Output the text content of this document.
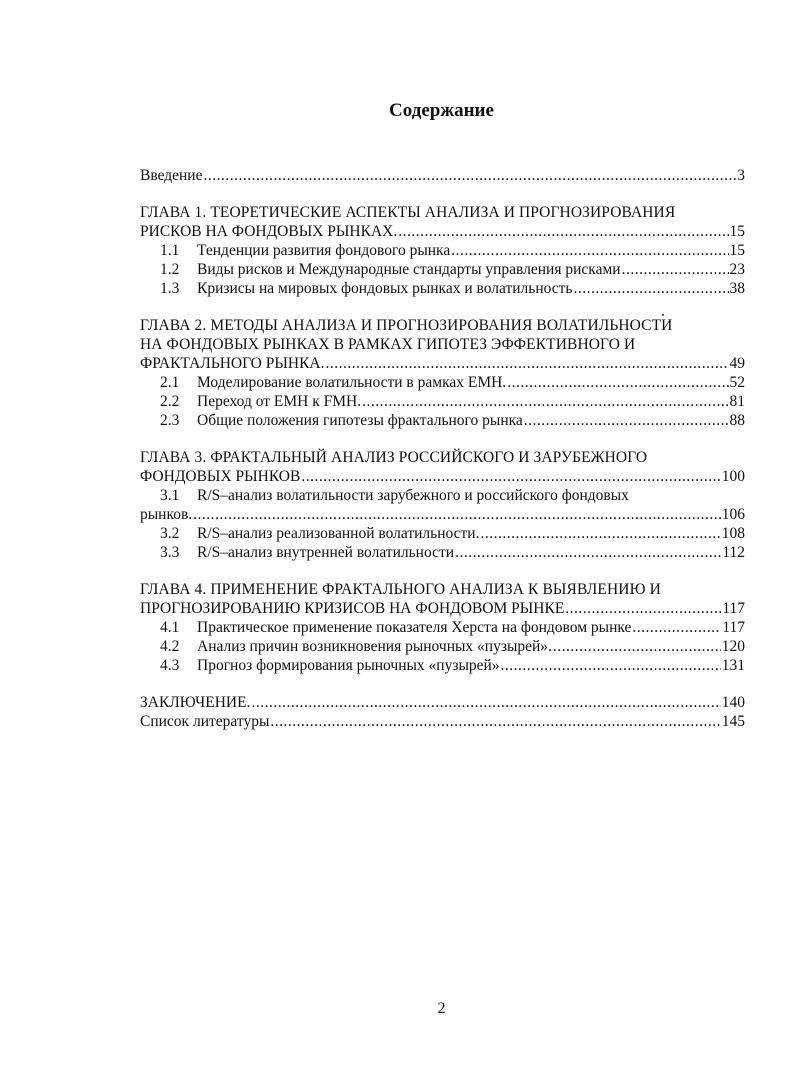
Содержание
Введение .....	3
ГЛАВА 1. ТЕОРЕТИЧЕСКИЕ АСПЕКТЫ АНАЛИЗА И ПРОГНОЗИРОВАНИЯ
РИСКОВ НА ФОНДОВЫХ РЫНКАХ. .....	15
1.1 Тенденции развития фондового рынка .....	15
1.2 Виды рисков и Международные стандарты управления рисками .....	23
1.3 Кризисы на мировых фондовых рынках и волатильность .....	38
ГЛАВА 2. МЕТОДЫ АНАЛИЗА И ПРОГНОЗИРОВАНИЯ ВОЛАТИЛЬНОСТИ
НА ФОНДОВЫХ РЫНКАХ В РАМКАХ ГИПОТЕЗ ЭФФЕКТИВНОГО И
ФРАКТАЛЬНОГО РЫНКА. .....	49
2.1 Моделирование волатильности в рамках ЕМН. .....	52
2.2 Переход от ЕМН к FMH. .....	81
2.3 Общие положения гипотезы фрактального рынка .....	88
ГЛАВА 3. ФРАКТАЛЬНЫЙ АНАЛИЗ РОССИЙСКОГО И ЗАРУБЕЖНОГО
ФОНДОВЫХ РЫНКОВ .....	100
3.1 R/S–анализ волатильности зарубежного и российского фондовых
рынков. .....	106
3.2 R/S–анализ реализованной волатильности. .....	108
3.3 R/S–анализ внутренней волатильности .....	112
ГЛАВА 4. ПРИМЕНЕНИЕ ФРАКТАЛЬНОГО АНАЛИЗА К ВЫЯВЛЕНИЮ И
ПРОГНОЗИРОВАНИЮ КРИЗИСОВ НА ФОНДОВОМ РЫНКЕ .....	117
4.1 Практическое применение показателя Херста на фондовом рынке .....	117
4.2 Анализ причин возникновения рыночных «пузырей». .....	120
4.3 Прогноз формирования рыночных «пузырей» .....	131
ЗАКЛЮЧЕНИЕ. .....	140
Список литературы .....	145
2
